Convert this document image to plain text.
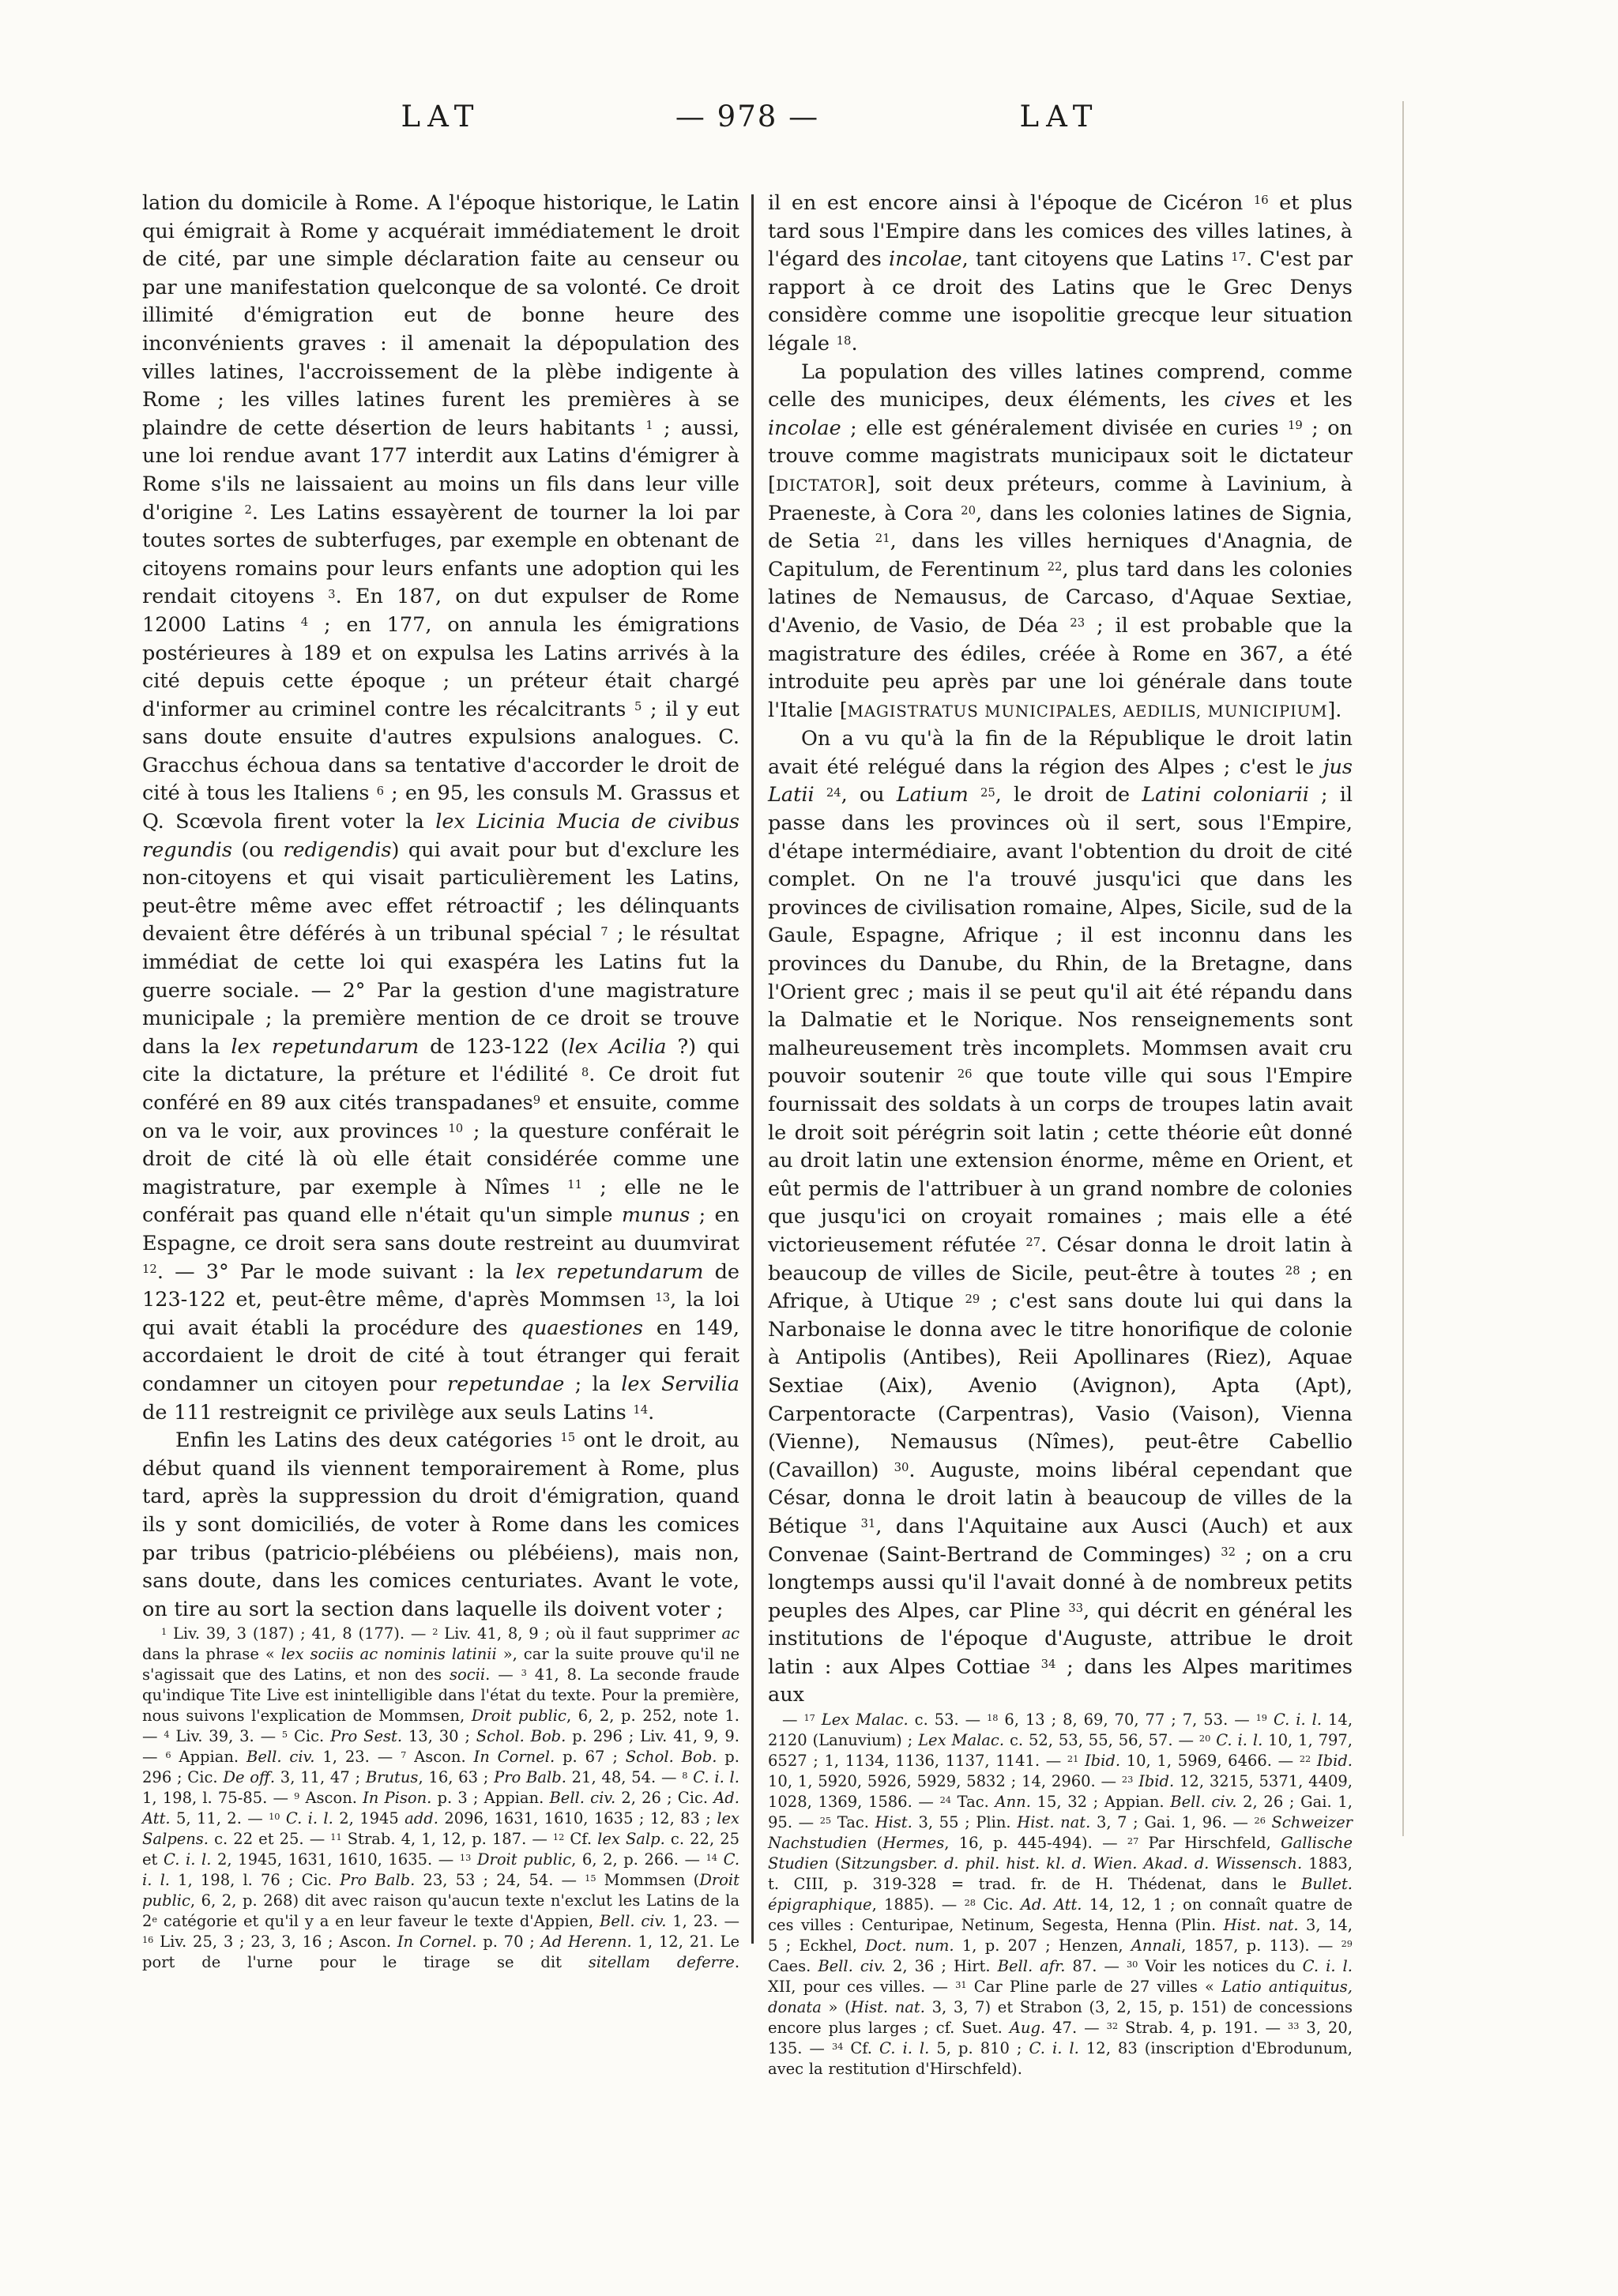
LAT	— 978 —	LAT

lation du domicile à Rome. A l'époque historique, le Latin qui émigrait à Rome y acquérait immédiatement le droit de cité, par une simple déclaration faite au censeur ou par une manifestation quelconque de sa volonté. Ce droit illimité d'émigration eut de bonne heure des inconvénients graves : il amenait la dépopulation des villes latines, l'accroissement de la plèbe indigente à Rome ; les villes latines furent les premières à se plaindre de cette désertion de leurs habitants $^1$ ; aussi, une loi rendue avant 177 interdit aux Latins d'émigrer à Rome s'ils ne laissaient au moins un fils dans leur ville d'origine $^2$. Les Latins essayèrent de tourner la loi par toutes sortes de subterfuges, par exemple en obtenant de citoyens romains pour leurs enfants une adoption qui les rendait citoyens $^3$. En 187, on dut expulser de Rome 12000 Latins $^4$ ; en 177, on annula les émigrations postérieures à 189 et on expulsa les Latins arrivés à la cité depuis cette époque ; un préteur était chargé d'informer au criminel contre les récalcitrants $^5$ ; il y eut sans doute ensuite d'autres expulsions analogues. C. Gracchus échoua dans sa tentative d'accorder le droit de cité à tous les Italiens $^6$ ; en 95, les consuls M. Grassus et Q. Scœvola firent voter la lex Licinia Mucia de civibus regundis (ou redigendis) qui avait pour but d'exclure les non-citoyens et qui visait particulièrement les Latins, peut-être même avec effet rétroactif ; les délinquants devaient être déférés à un tribunal spécial $^7$ ; le résultat immédiat de cette loi qui exaspéra les Latins fut la guerre sociale. — 2° Par la gestion d'une magistrature municipale ; la première mention de ce droit se trouve dans la lex repetundarum de 123-122 (lex Acilia ?) qui cite la dictature, la préture et l'édilité $^8$. Ce droit fut conféré en 89 aux cités transpadanes$^9$ et ensuite, comme on va le voir, aux provinces $^{10}$ ; la questure conférait le droit de cité là où elle était considérée comme une magistrature, par exemple à Nîmes $^{11}$ ; elle ne le conférait pas quand elle n'était qu'un simple munus ; en Espagne, ce droit sera sans doute restreint au duumvirat $^{12}$. — 3° Par le mode suivant : la lex repetundarum de 123-122 et, peut-être même, d'après Mommsen $^{13}$, la loi qui avait établi la procédure des quaestiones en 149, accordaient le droit de cité à tout étranger qui ferait condamner un citoyen pour repetundae ; la lex Servilia de 111 restreignit ce privilège aux seuls Latins $^{14}$.

Enfin les Latins des deux catégories $^{15}$ ont le droit, au début quand ils viennent temporairement à Rome, plus tard, après la suppression du droit d'émigration, quand ils y sont domiciliés, de voter à Rome dans les comices par tribus (patricio-plébéiens ou plébéiens), mais non, sans doute, dans les comices centuriates. Avant le vote, on tire au sort la section dans laquelle ils doivent voter ;

$^1$ Liv. 39, 3 (187) ; 41, 8 (177). — $^2$ Liv. 41, 8, 9 ; où il faut supprimer ac dans la phrase « lex sociis ac nominis latinii », car la suite prouve qu'il ne s'agissait que des Latins, et non des socii. — $^3$ 41, 8. La seconde fraude qu'indique Tite Live est inintelligible dans l'état du texte. Pour la première, nous suivons l'explication de Mommsen, Droit public, 6, 2, p. 252, note 1. — $^4$ Liv. 39, 3. — $^5$ Cic. Pro Sest. 13, 30 ; Schol. Bob. p. 296 ; Liv. 41, 9, 9. — $^6$ Appian. Bell. civ. 1, 23. — $^7$ Ascon. In Cornel. p. 67 ; Schol. Bob. p. 296 ; Cic. De off. 3, 11, 47 ; Brutus, 16, 63 ; Pro Balb. 21, 48, 54. — $^8$ C. i. l. 1, 198, l. 75-85. — $^9$ Ascon. In Pison. p. 3 ; Appian. Bell. civ. 2, 26 ; Cic. Ad. Att. 5, 11, 2. — $^{10}$ C. i. l. 2, 1945 add. 2096, 1631, 1610, 1635 ; 12, 83 ; lex Salpens. c. 22 et 25. — $^{11}$ Strab. 4, 1, 12, p. 187. — $^{12}$ Cf. lex Salp. c. 22, 25 et C. i. l. 2, 1945, 1631, 1610, 1635. — $^{13}$ Droit public, 6, 2, p. 266. — $^{14}$ C. i. l. 1, 198, l. 76 ; Cic. Pro Balb. 23, 53 ; 24, 54. — $^{15}$ Mommsen (Droit public, 6, 2, p. 268) dit avec raison qu'aucun texte n'exclut les Latins de la 2e catégorie et qu'il y a en leur faveur le texte d'Appien, Bell. civ. 1, 23. — $^{16}$ Liv. 25, 3 ; 23, 3, 16 ; Ascon. In Cornel. p. 70 ; Ad Herenn. 1, 12, 21. Le port de l'urne pour le tirage se dit sitellam deferre.

il en est encore ainsi à l'époque de Cicéron $^{16}$ et plus tard sous l'Empire dans les comices des villes latines, à l'égard des incolae, tant citoyens que Latins $^{17}$. C'est par rapport à ce droit des Latins que le Grec Denys considère comme une isopolitie grecque leur situation légale $^{18}$.

La population des villes latines comprend, comme celle des municipes, deux éléments, les cives et les incolae ; elle est généralement divisée en curies $^{19}$ ; on trouve comme magistrats municipaux soit le dictateur [DICTATOR], soit deux préteurs, comme à Lavinium, à Praeneste, à Cora $^{20}$, dans les colonies latines de Signia, de Setia $^{21}$, dans les villes herniques d'Anagnia, de Capitulum, de Ferentinum $^{22}$, plus tard dans les colonies latines de Nemausus, de Carcaso, d'Aquae Sextiae, d'Avenio, de Vasio, de Déa $^{23}$ ; il est probable que la magistrature des édiles, créée à Rome en 367, a été introduite peu après par une loi générale dans toute l'Italie [MAGISTRATUS MUNICIPALES, AEDILIS, MUNICIPIUM].

On a vu qu'à la fin de la République le droit latin avait été relégué dans la région des Alpes ; c'est le jus Latii $^{24}$, ou Latium $^{25}$, le droit de Latini coloniarii ; il passe dans les provinces où il sert, sous l'Empire, d'étape intermédiaire, avant l'obtention du droit de cité complet. On ne l'a trouvé jusqu'ici que dans les provinces de civilisation romaine, Alpes, Sicile, sud de la Gaule, Espagne, Afrique ; il est inconnu dans les provinces du Danube, du Rhin, de la Bretagne, dans l'Orient grec ; mais il se peut qu'il ait été répandu dans la Dalmatie et le Norique. Nos renseignements sont malheureusement très incomplets. Mommsen avait cru pouvoir soutenir $^{26}$ que toute ville qui sous l'Empire fournissait des soldats à un corps de troupes latin avait le droit soit pérégrin soit latin ; cette théorie eût donné au droit latin une extension énorme, même en Orient, et eût permis de l'attribuer à un grand nombre de colonies que jusqu'ici on croyait romaines ; mais elle a été victorieusement réfutée $^{27}$. César donna le droit latin à beaucoup de villes de Sicile, peut-être à toutes $^{28}$ ; en Afrique, à Utique $^{29}$ ; c'est sans doute lui qui dans la Narbonaise le donna avec le titre honorifique de colonie à Antipolis (Antibes), Reii Apollinares (Riez), Aquae Sextiae (Aix), Avenio (Avignon), Apta (Apt), Carpentoracte (Carpentras), Vasio (Vaison), Vienna (Vienne), Nemausus (Nîmes), peut-être Cabellio (Cavaillon) $^{30}$. Auguste, moins libéral cependant que César, donna le droit latin à beaucoup de villes de la Bétique $^{31}$, dans l'Aquitaine aux Ausci (Auch) et aux Convenae (Saint-Bertrand de Comminges) $^{32}$ ; on a cru longtemps aussi qu'il l'avait donné à de nombreux petits peuples des Alpes, car Pline $^{33}$, qui décrit en général les institutions de l'époque d'Auguste, attribue le droit latin : aux Alpes Cottiae $^{34}$ ; dans les Alpes maritimes aux

— $^{17}$ Lex Malac. c. 53. — $^{18}$ 6, 13 ; 8, 69, 70, 77 ; 7, 53. — $^{19}$ C. i. l. 14, 2120 (Lanuvium) ; Lex Malac. c. 52, 53, 55, 56, 57. — $^{20}$ C. i. l. 10, 1, 797, 6527 ; 1, 1134, 1136, 1137, 1141. — $^{21}$ Ibid. 10, 1, 5969, 6466. — $^{22}$ Ibid. 10, 1, 5920, 5926, 5929, 5832 ; 14, 2960. — $^{23}$ Ibid. 12, 3215, 5371, 4409, 1028, 1369, 1586. — $^{24}$ Tac. Ann. 15, 32 ; Appian. Bell. civ. 2, 26 ; Gai. 1, 95. — $^{25}$ Tac. Hist. 3, 55 ; Plin. Hist. nat. 3, 7 ; Gai. 1, 96. — $^{26}$ Schweizer Nachstudien (Hermes, 16, p. 445-494). — $^{27}$ Par Hirschfeld, Gallische Studien (Sitzungsber. d. phil. hist. kl. d. Wien. Akad. d. Wissensch. 1883, t. CIII, p. 319-328 = trad. fr. de H. Thédenat, dans le Bullet. épigraphique, 1885). — $^{28}$ Cic. Ad. Att. 14, 12, 1 ; on connaît quatre de ces villes : Centuripae, Netinum, Segesta, Henna (Plin. Hist. nat. 3, 14, 5 ; Eckhel, Doct. num. 1, p. 207 ; Henzen, Annali, 1857, p. 113). — $^{29}$ Caes. Bell. civ. 2, 36 ; Hirt. Bell. afr. 87. — $^{30}$ Voir les notices du C. i. l. XII, pour ces villes. — $^{31}$ Car Pline parle de 27 villes « Latio antiquitus, donata » (Hist. nat. 3, 3, 7) et Strabon (3, 2, 15, p. 151) de concessions encore plus larges ; cf. Suet. Aug. 47. — $^{32}$ Strab. 4, p. 191. — $^{33}$ 3, 20, 135. — $^{34}$ Cf. C. i. l. 5, p. 810 ; C. i. l. 12, 83 (inscription d'Ebrodunum, avec la restitution d'Hirschfeld).
